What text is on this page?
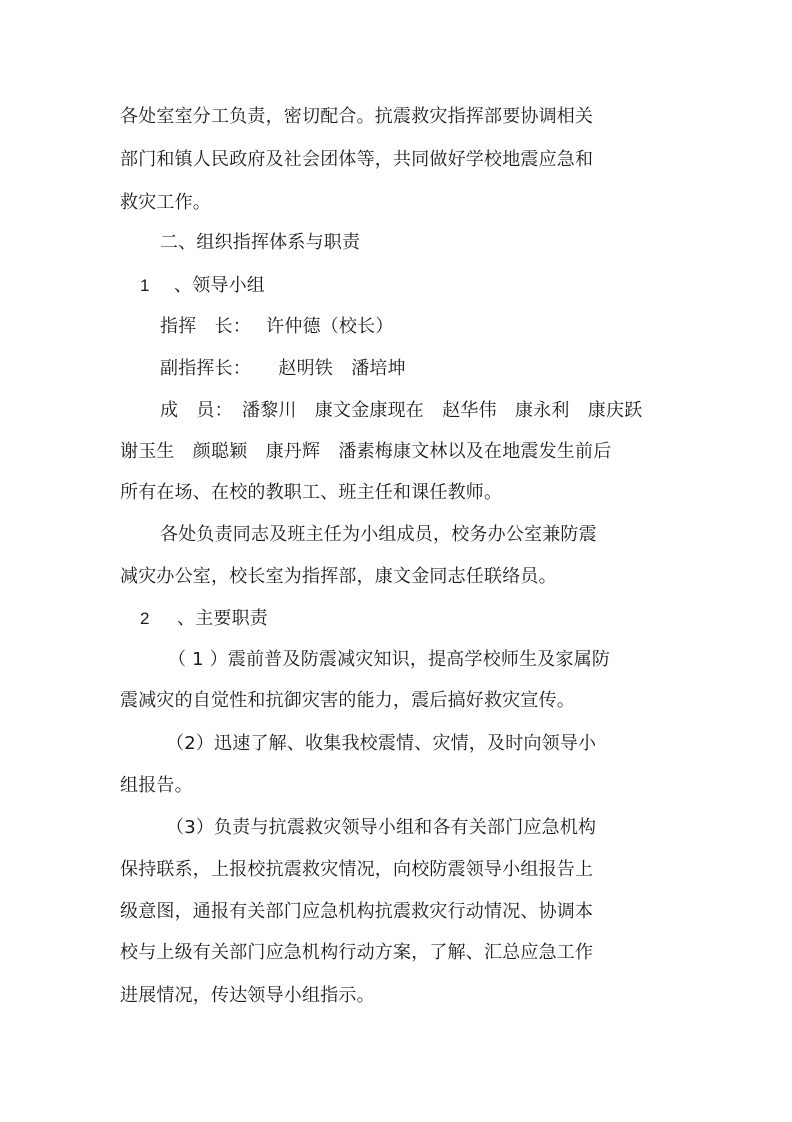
各处室室分工负责，密切配合。抗震救灾指挥部要协调相关
部门和镇人民政府及社会团体等，共同做好学校地震应急和
救灾工作。
二、组织指挥体系与职责
1 、领导小组
指挥　长：　 许仲德（校长）
副指挥长：　　赵明铁　潘培坤
成　员：　潘黎川　康文金康现在　赵华伟　康永利　康庆跃
谢玉生　颜聪颖　康丹辉　潘素梅康文林以及在地震发生前后
所有在场、在校的教职工、班主任和课任教师。
各处负责同志及班主任为小组成员，校务办公室兼防震
减灾办公室，校长室为指挥部，康文金同志任联络员。
2 、主要职责
（ 1 ）震前普及防震减灾知识，提高学校师生及家属防
震减灾的自觉性和抗御灾害的能力，震后搞好救灾宣传。
（2）迅速了解、收集我校震情、灾情，及时向领导小
组报告。
（3）负责与抗震救灾领导小组和各有关部门应急机构
保持联系，上报校抗震救灾情况，向校防震领导小组报告上
级意图，通报有关部门应急机构抗震救灾行动情况、协调本
校与上级有关部门应急机构行动方案，了解、汇总应急工作
进展情况，传达领导小组指示。
